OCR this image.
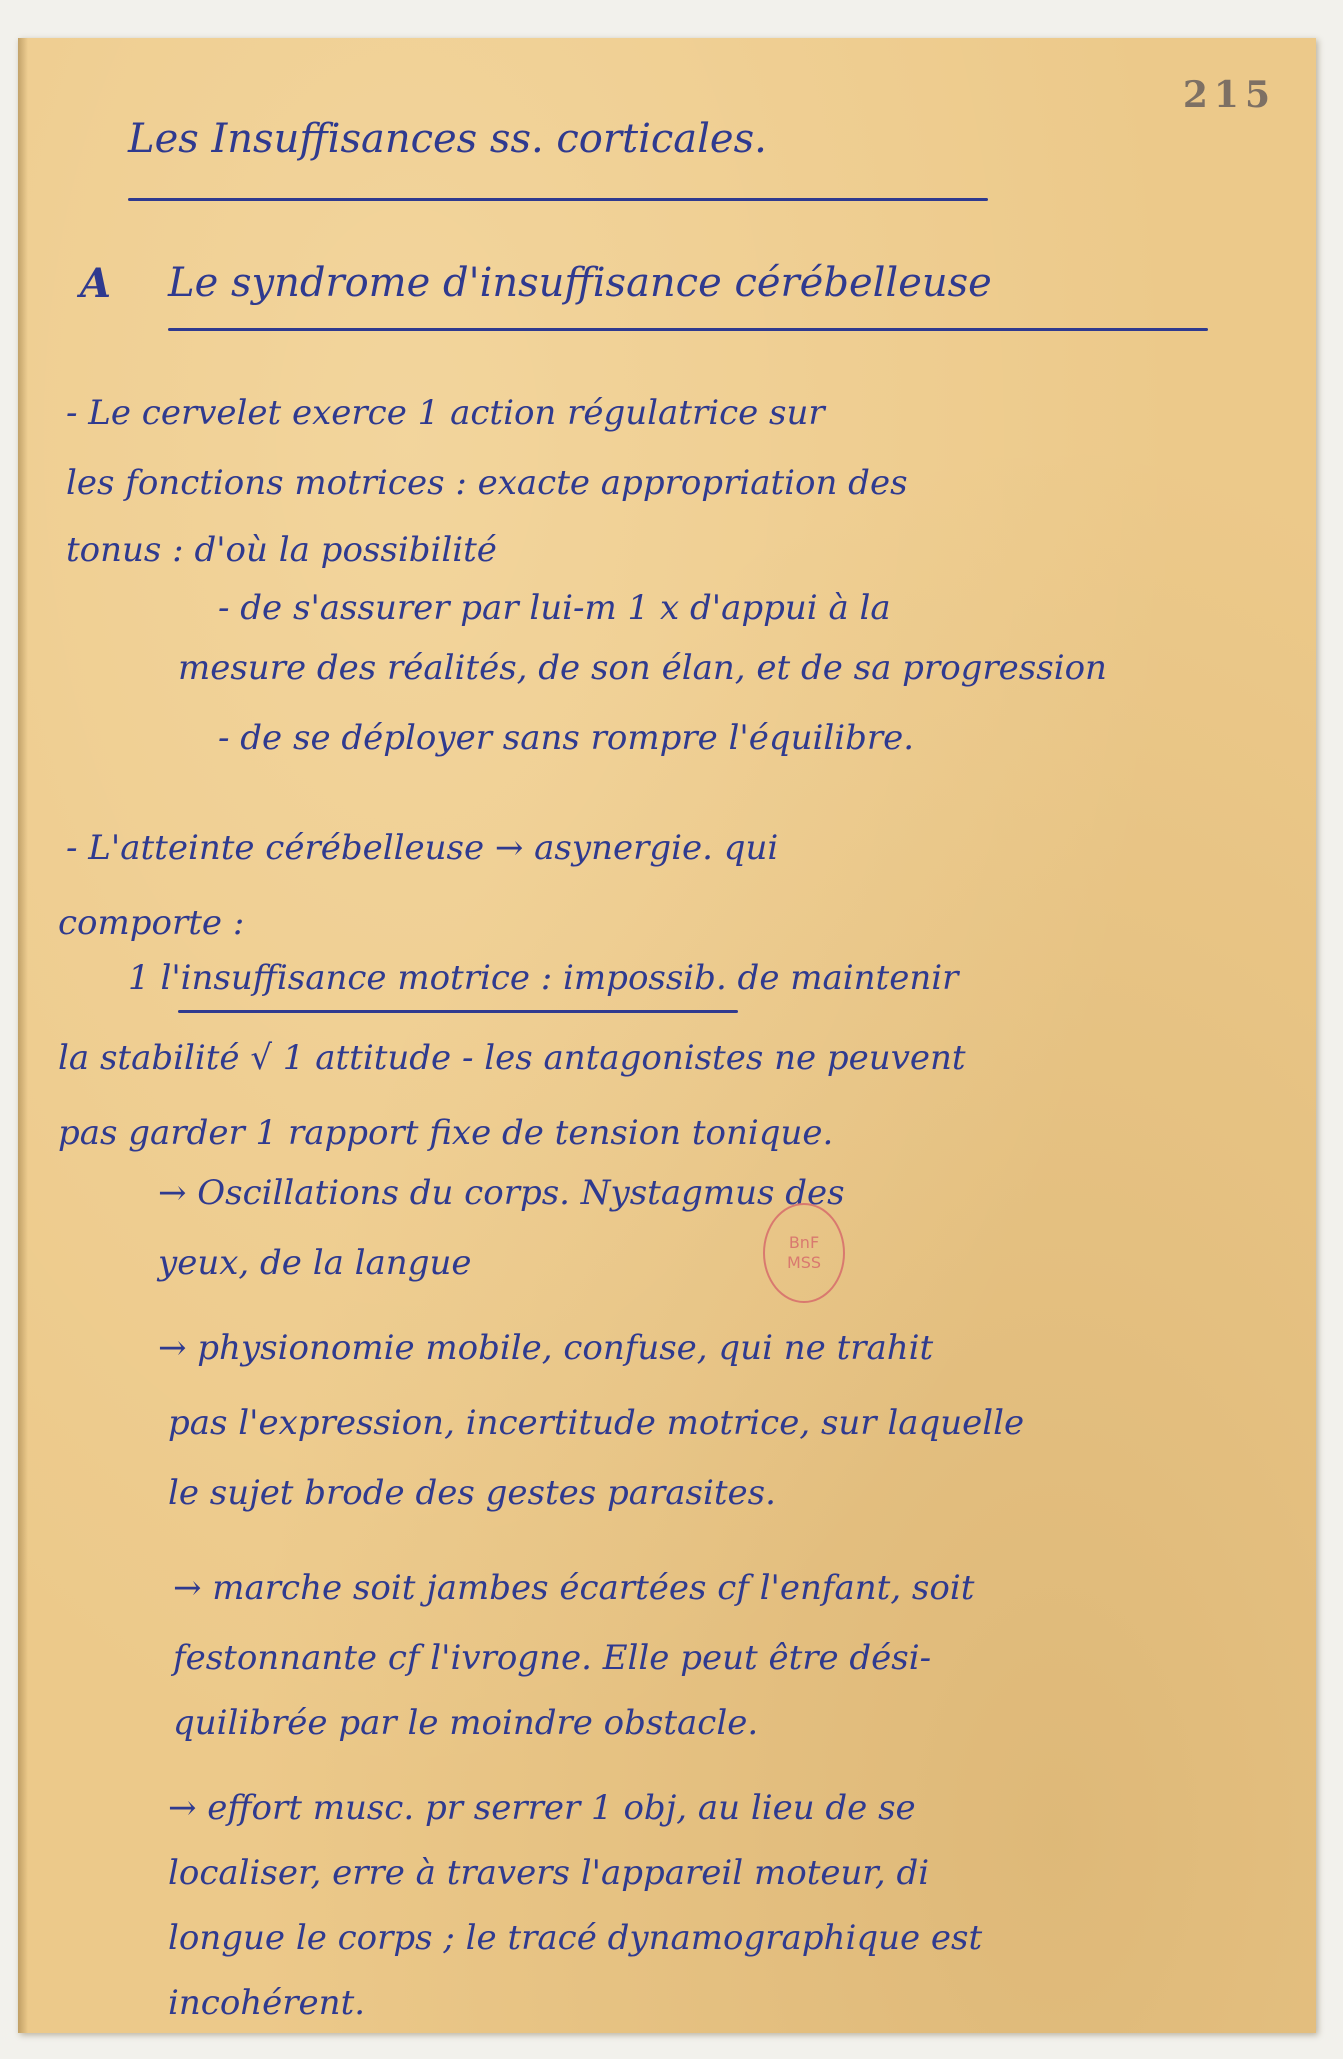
215
Les Insuffisances ss. corticales.
A Le syndrome d'insuffisance cérébelleuse
- Le cervelet exerce 1 action régulatrice sur
les fonctions motrices : exacte appropriation des
tonus : d'où la possibilité
- de s'assurer par lui-m 1 x d'appui à la
mesure des réalités, de son élan, et de sa progression
- de se déployer sans rompre l'équilibre.
- L'atteinte cérébelleuse → asynergie. qui
comporte :
1 l'insuffisance motrice : impossib. de maintenir
la stabilité √ 1 attitude - les antagonistes ne peuvent
pas garder 1 rapport fixe de tension tonique.
→ Oscillations du corps. Nystagmus des
yeux, de la langue
BnF
MSS
→ physionomie mobile, confuse, qui ne trahit
pas l'expression, incertitude motrice, sur laquelle
le sujet brode des gestes parasites.
→ marche soit jambes écartées cf l'enfant, soit
festonnante cf l'ivrogne. Elle peut être dési-
quilibrée par le moindre obstacle.
→ effort musc. pr serrer 1 obj, au lieu de se
localiser, erre à travers l'appareil moteur, di
longue le corps ; le tracé dynamographique est
incohérent.
